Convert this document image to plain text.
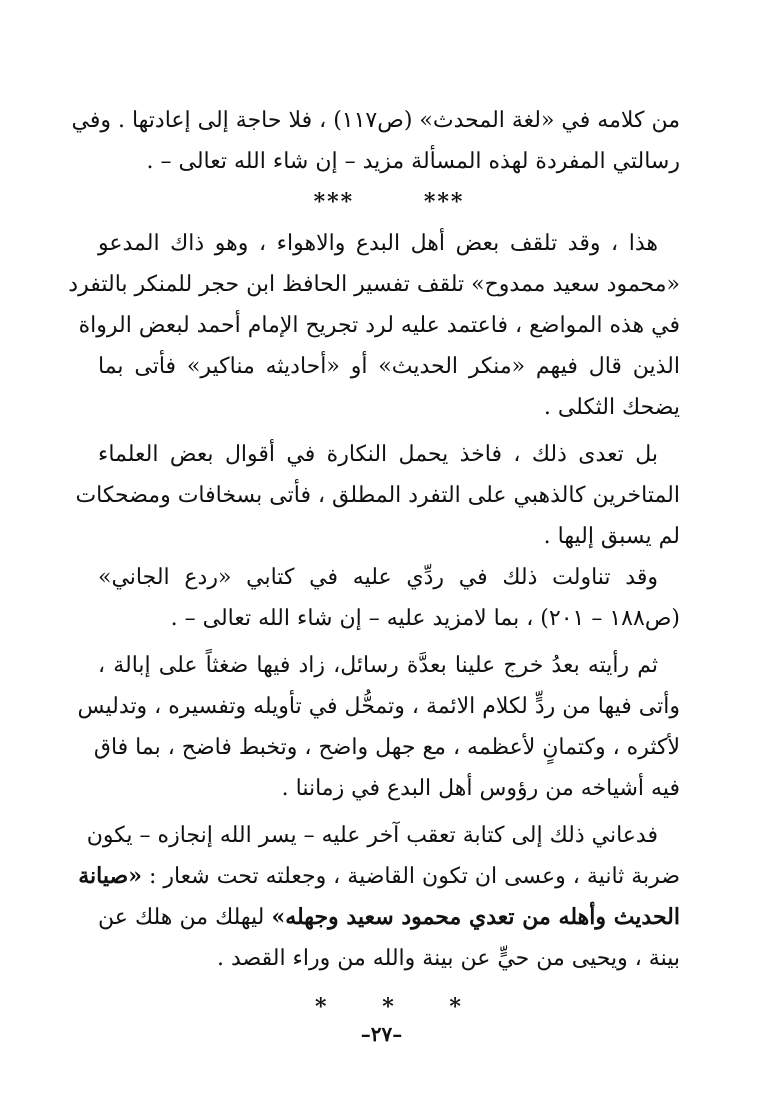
من كلامه في «لغة المحدث» (ص١١٧) ، فلا حاجة إلى إعادتها . وفي
رسالتي المفردة لهذه المسألة مزيد – إن شاء الله تعالى – .
*** ***
هذا ، وقد تلقف بعض أهل البدع والاهواء ، وهو ذاك المدعو
«محمود سعيد ممدوح» تلقف تفسير الحافظ ابن حجر للمنكر بالتفرد
في هذه المواضع ، فاعتمد عليه لرد تجريح الإمام أحمد لبعض الرواة
الذين قال فيهم «منكر الحديث» أو «أحاديثه مناكير» فأتى بما
يضحك الثكلى .
بل تعدى ذلك ، فاخذ يحمل النكارة في أقوال بعض العلماء
المتاخرين كالذهبي على التفرد المطلق ، فأتى بسخافات ومضحكات
لم يسبق إليها .
وقد تناولت ذلك في ردِّي عليه في كتابي «ردع الجاني»
(ص١٨٨ – ٢٠١) ، بما لامزيد عليه – إن شاء الله تعالى – .
ثم رأيته بعدُ خرج علينا بعدَّة رسائل، زاد فيها ضغثاً على إبالة ،
وأتى فيها من ردٍّ لكلام الائمة ، وتمحُّل في تأويله وتفسيره ، وتدليس
لأكثره ، وكتمانٍ لأعظمه ، مع جهل واضح ، وتخبط فاضح ، بما فاق
فيه أشياخه من رؤوس أهل البدع في زماننا .
فدعاني ذلك إلى كتابة تعقب آخر عليه – يسر الله إنجازه – يكون
ضربة ثانية ، وعسى ان تكون القاضية ، وجعلته تحت شعار : «صيانة
الحديث وأهله من تعدي محمود سعيد وجهله» ليهلك من هلك عن
بينة ، ويحيى من حيٍّ عن بينة والله من وراء القصد .
* * *
–٢٧–
